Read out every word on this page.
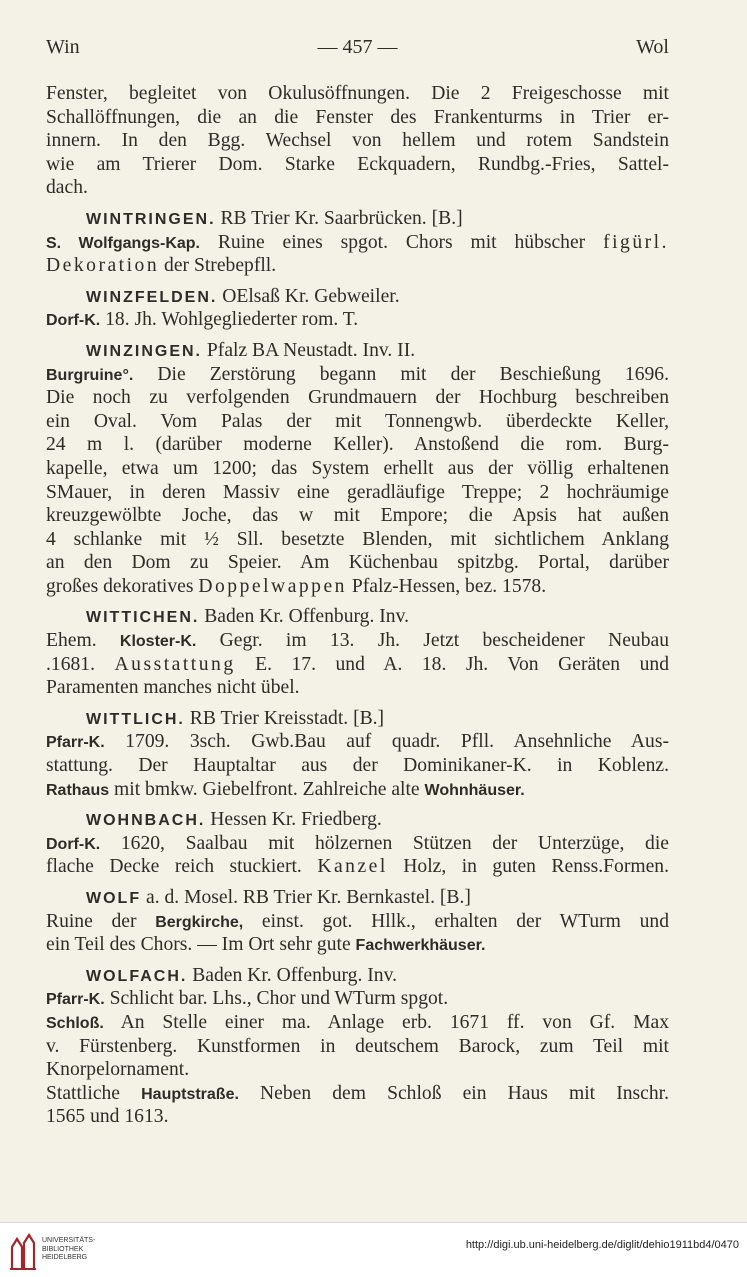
Win	— 457 —	Wol
Fenster, begleitet von Okulusöffnungen. Die 2 Freigeschosse mit
Schallöffnungen, die an die Fenster des Frankenturms in Trier er-
innern. In den Bgg. Wechsel von hellem und rotem Sandstein
wie am Trierer Dom. Starke Eckquadern, Rundbg.-Fries, Sattel-
dach.
WINTRINGEN. RB Trier Kr. Saarbrücken. [B.]
S. Wolfgangs-Kap. Ruine eines spgot. Chors mit hübscher figürl.
Dekoration der Strebepfll.
WINZFELDEN. OElsaß Kr. Gebweiler.
Dorf-K. 18. Jh. Wohlgegliederter rom. T.
WINZINGEN. Pfalz BA Neustadt. Inv. II.
Burgruine°. Die Zerstörung begann mit der Beschießung 1696.
Die noch zu verfolgenden Grundmauern der Hochburg beschreiben
ein Oval. Vom Palas der mit Tonnengwb. überdeckte Keller,
24 m l. (darüber moderne Keller). Anstoßend die rom. Burg-
kapelle, etwa um 1200; das System erhellt aus der völlig erhaltenen
SMauer, in deren Massiv eine geradläufige Treppe; 2 hochräumige
kreuzgewölbte Joche, das w mit Empore; die Apsis hat außen
4 schlanke mit ½ Sll. besetzte Blenden, mit sichtlichem Anklang
an den Dom zu Speier. Am Küchenbau spitzbg. Portal, darüber
großes dekoratives Doppelwappen Pfalz-Hessen, bez. 1578.
WITTICHEN. Baden Kr. Offenburg. Inv.
Ehem. Kloster-K. Gegr. im 13. Jh. Jetzt bescheidener Neubau
.1681. Ausstattung E. 17. und A. 18. Jh. Von Geräten und
Paramenten manches nicht übel.
WITTLICH. RB Trier Kreisstadt. [B.]
Pfarr-K. 1709. 3sch. Gwb.Bau auf quadr. Pfll. Ansehnliche Aus-
stattung. Der Hauptaltar aus der Dominikaner-K. in Koblenz.
Rathaus mit bmkw. Giebelfront. Zahlreiche alte Wohnhäuser.
WOHNBACH. Hessen Kr. Friedberg.
Dorf-K. 1620, Saalbau mit hölzernen Stützen der Unterzüge, die
flache Decke reich stuckiert. Kanzel Holz, in guten Renss.Formen.
WOLF a. d. Mosel. RB Trier Kr. Bernkastel. [B.]
Ruine der Bergkirche, einst. got. Hllk., erhalten der WTurm und
ein Teil des Chors. — Im Ort sehr gute Fachwerkhäuser.
WOLFACH. Baden Kr. Offenburg. Inv.
Pfarr-K. Schlicht bar. Lhs., Chor und WTurm spgot.
Schloß. An Stelle einer ma. Anlage erb. 1671 ff. von Gf. Max
v. Fürstenberg. Kunstformen in deutschem Barock, zum Teil mit
Knorpelornament.
Stattliche Hauptstraße. Neben dem Schloß ein Haus mit Inschr.
1565 und 1613.
UNIVERSITÄTS-
BIBLIOTHEK
HEIDELBERG
http://digi.ub.uni-heidelberg.de/diglit/dehio1911bd4/0470
